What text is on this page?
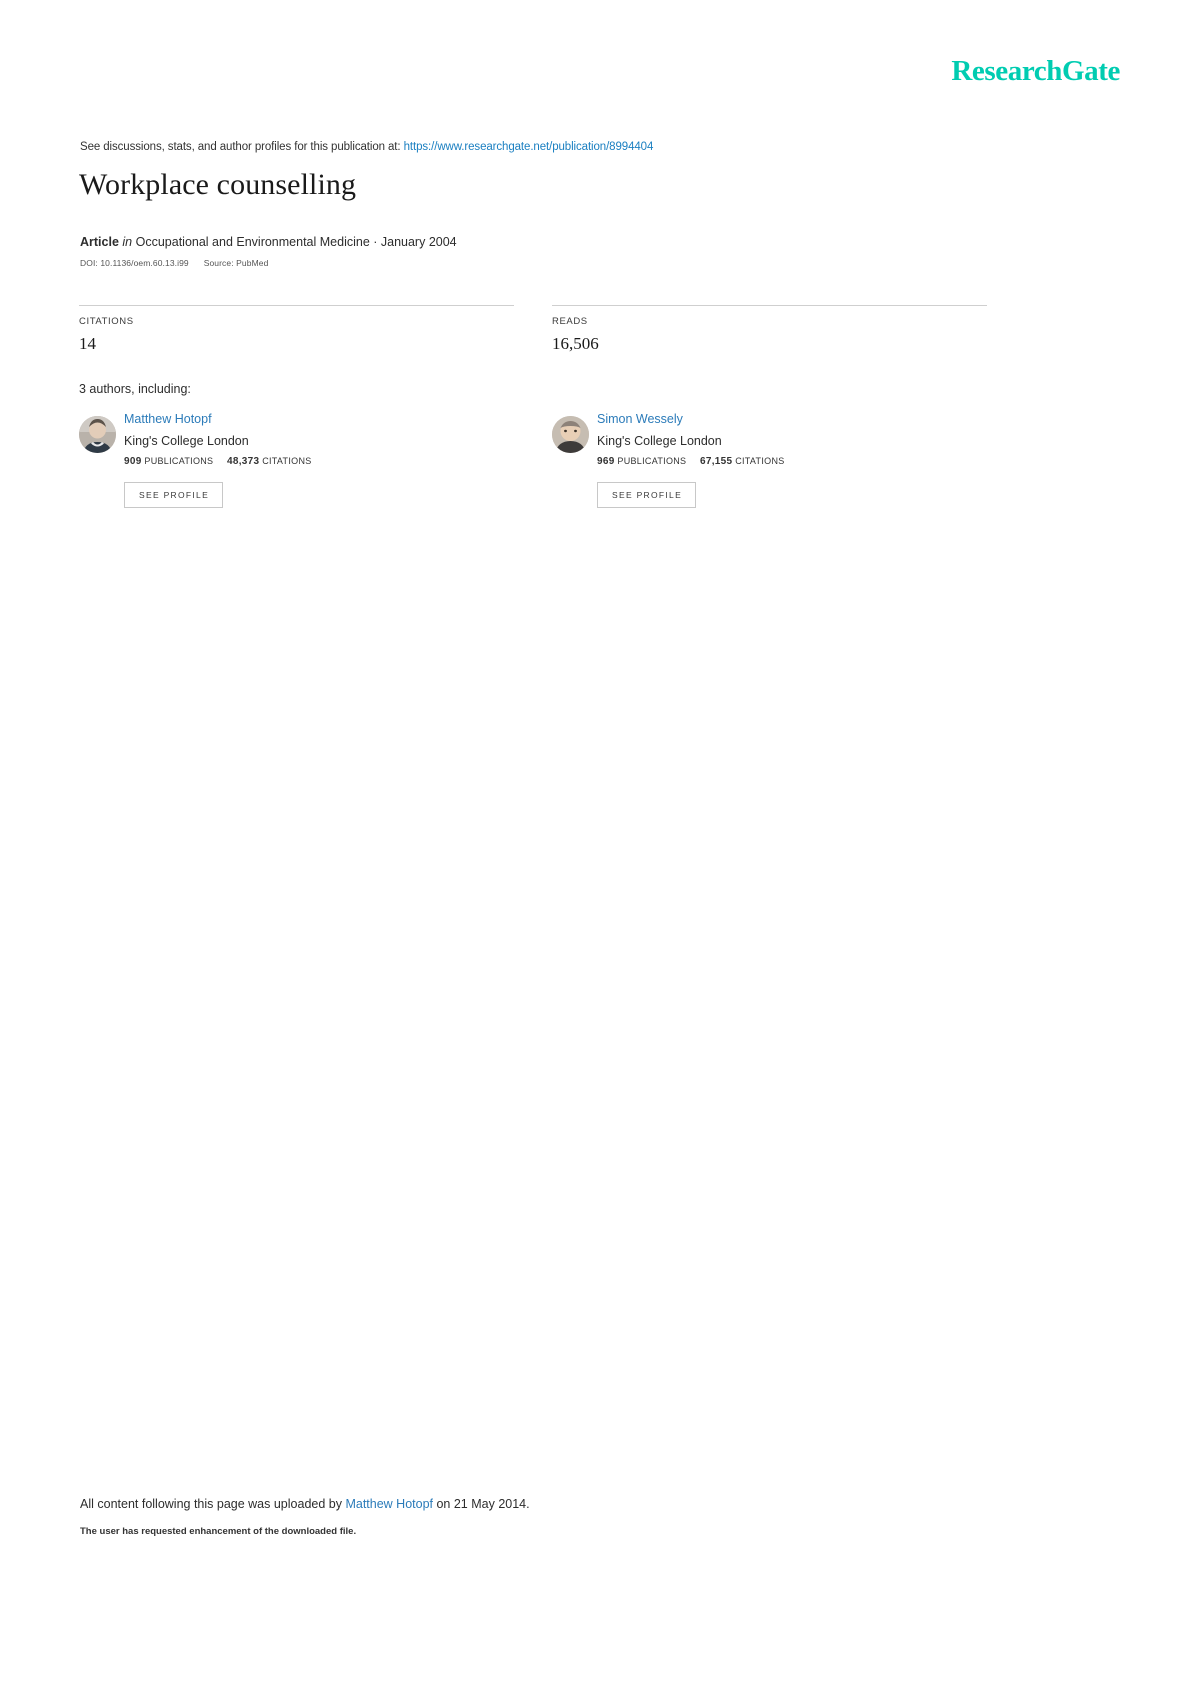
ResearchGate
See discussions, stats, and author profiles for this publication at: https://www.researchgate.net/publication/8994404
Workplace counselling
Article in Occupational and Environmental Medicine · January 2004
DOI: 10.1136/oem.60.13.i99 Source: PubMed
CITATIONS
14
READS
16,506
3 authors, including:
Matthew Hotopf
King's College London
909 PUBLICATIONS 48,373 CITATIONS
SEE PROFILE
Simon Wessely
King's College London
969 PUBLICATIONS 67,155 CITATIONS
SEE PROFILE
All content following this page was uploaded by Matthew Hotopf on 21 May 2014.
The user has requested enhancement of the downloaded file.
